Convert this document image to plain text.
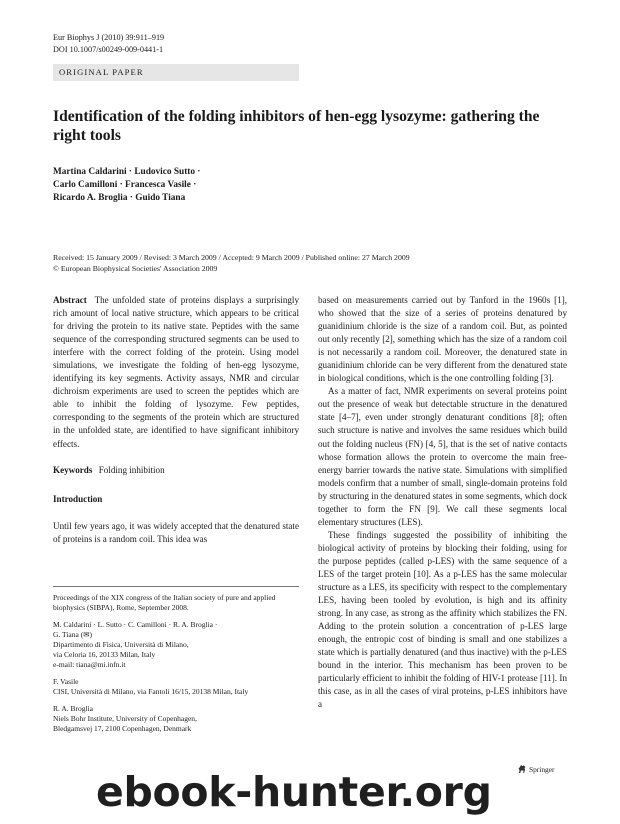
Eur Biophys J (2010) 39:911–919
DOI 10.1007/s00249-009-0441-1
ORIGINAL PAPER
Identification of the folding inhibitors of hen-egg lysozyme: gathering the right tools
Martina Caldarini · Ludovico Sutto ·
Carlo Camilloni · Francesca Vasile ·
Ricardo A. Broglia · Guido Tiana
Received: 15 January 2009 / Revised: 3 March 2009 / Accepted: 9 March 2009 / Published online: 27 March 2009
© European Biophysical Societies' Association 2009

Abstract The unfolded state of proteins displays a surprisingly rich amount of local native structure, which appears to be critical for driving the protein to its native state. Peptides with the same sequence of the corresponding structured segments can be used to interfere with the correct folding of the protein. Using model simulations, we investigate the folding of hen-egg lysozyme, identifying its key segments. Activity assays, NMR and circular dichroism experiments are used to screen the peptides which are able to inhibit the folding of lysozyme. Few peptides, corresponding to the segments of the protein which are structured in the unfolded state, are identified to have significant inhibitory effects.

Keywords Folding inhibition

Introduction

Until few years ago, it was widely accepted that the denatured state of proteins is a random coil. This idea was

Proceedings of the XIX congress of the Italian society of pure and applied biophysics (SIBPA), Rome, September 2008.
M. Caldarini · L. Sutto · C. Camilloni · R. A. Broglia ·
G. Tiana (✉)
Dipartimento di Fisica, Università di Milano,
via Celoria 16, 20133 Milan, Italy
e-mail: tiana@mi.infn.it
F. Vasile
CISI, Università di Milano, via Fantoli 16/15, 20138 Milan, Italy
R. A. Broglia
Niels Bohr Institute, University of Copenhagen,
Bledgamsvej 17, 2100 Copenhagen, Denmark

based on measurements carried out by Tanford in the 1960s [1], who showed that the size of a series of proteins denatured by guanidinium chloride is the size of a random coil. But, as pointed out only recently [2], something which has the size of a random coil is not necessarily a random coil. Moreover, the denatured state in guanidinium chloride can be very different from the denatured state in biological conditions, which is the one controlling folding [3].

As a matter of fact, NMR experiments on several proteins point out the presence of weak but detectable structure in the denatured state [4–7], even under strongly denaturant conditions [8]; often such structure is native and involves the same residues which build out the folding nucleus (FN) [4, 5], that is the set of native contacts whose formation allows the protein to overcome the main free-energy barrier towards the native state. Simulations with simplified models confirm that a number of small, single-domain proteins fold by structuring in the denatured states in some segments, which dock together to form the FN [9]. We call these segments local elementary structures (LES).

These findings suggested the possibility of inhibiting the biological activity of proteins by blocking their folding, using for the purpose peptides (called p-LES) with the same sequence of a LES of the target protein [10]. As a p-LES has the same molecular structure as a LES, its specificity with respect to the complementary LES, having been tooled by evolution, is high and its affinity strong. In any case, as strong as the affinity which stabilizes the FN. Adding to the protein solution a concentration of p-LES large enough, the entropic cost of binding is small and one stabilizes a state which is partially denatured (and thus inactive) with the p-LES bound in the interior. This mechanism has been proven to be particularly efficient to inhibit the folding of HIV-1 protease [11]. In this case, as in all the cases of viral proteins, p-LES inhibitors have a

Springer
ebook-hunter.org
